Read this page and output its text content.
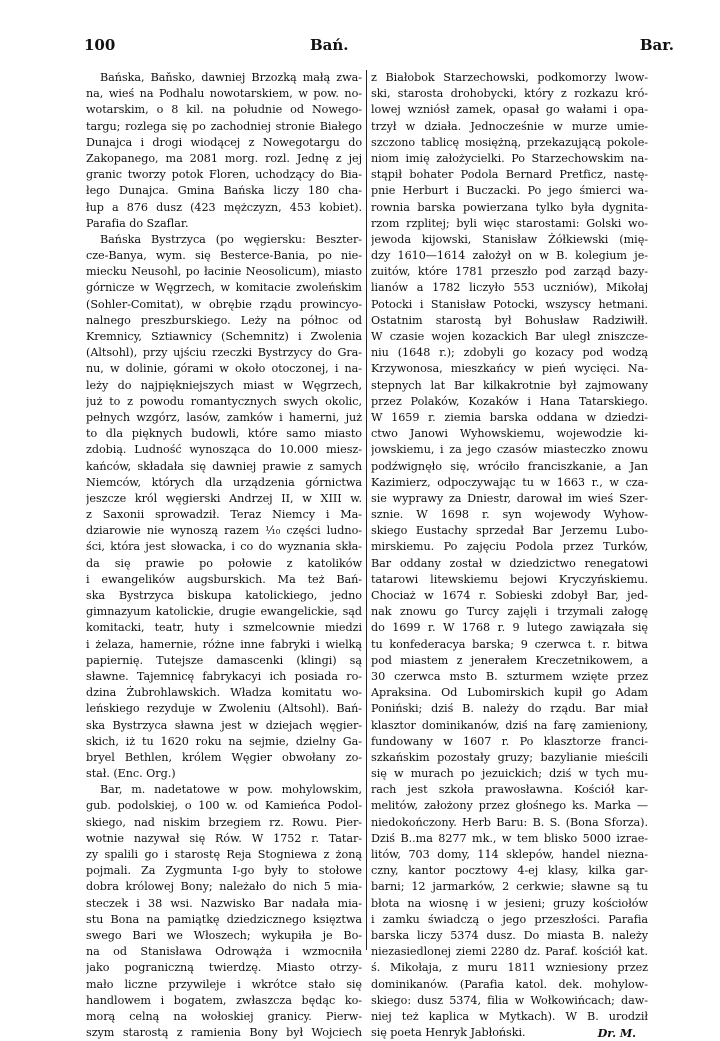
100	Bań.	Bar.
Bańska, Baňsko, dawniej Brzozką małą zwa-
na, wieś na Podhalu nowotarskiem, w pow. no-
wotarskim, o 8 kil. na południe od Nowego-
targu; rozlega się po zachodniej stronie Białego
Dunajca i drogi wiodącej z Nowegotargu do
Zakopanego, ma 2081 morg. rozl. Jednę z jej
granic tworzy potok Floren, uchodzący do Bia-
łego Dunajca. Gmina Bańska liczy 180 cha-
łup a 876 dusz (423 mężczyzn, 453 kobiet).
Parafia do Szaflar.
Bańska Bystrzyca (po węgiersku: Beszter-
cze-Banya, wym. się Besterce-Bania, po nie-
miecku Neusohl, po łacinie Neosolicum), miasto
górnicze w Węgrzech, w komitacie zwoleńskim
(Sohler-Comitat), w obrębie rządu prowincyo-
nalnego preszburskiego. Leży na północ od
Kremnicy, Sztiawnicy (Schemnitz) i Zwolenia
(Altsohl), przy ujściu rzeczki Bystrzycy do Gra-
nu, w dolinie, górami w około otoczonej, i na-
leży do najpiękniejszych miast w Węgrzech,
już to z powodu romantycznych swych okolic,
pełnych wzgórz, lasów, zamków i hamerni, już
to dla pięknych budowli, które samo miasto
zdobią. Ludność wynosząca do 10.000 miesz-
kańców, składała się dawniej prawie z samych
Niemców, których dla urządzenia górnictwa
jeszcze król węgierski Andrzej II, w XIII w.
z Saxonii sprowadził. Teraz Niemcy i Ma-
dziarowie nie wynoszą razem ¹⁄₁₀ części ludno-
ści, która jest słowacka, i co do wyznania skła-
da się prawie po połowie z katolików
i ewangelików augsburskich. Ma też Bań-
ska Bystrzyca biskupa katolickiego, jedno
gimnazyum katolickie, drugie ewangelickie, sąd
komitacki, teatr, huty i szmelcownie miedzi
i żelaza, hamernie, różne inne fabryki i wielką
papiernię. Tutejsze damascenki (klingi) są
sławne. Tajemnicę fabrykacyi ich posiada ro-
dzina Żubrohlawskich. Władza komitatu wo-
leńskiego rezyduje w Zwoleniu (Altsohl). Bań-
ska Bystrzyca sławna jest w dziejach węgier-
skich, iż tu 1620 roku na sejmie, dzielny Ga-
bryel Bethlen, królem Węgier obwołany zo-
stał. (Enc. Org.)
Bar, m. nadetatowe w pow. mohylowskim,
gub. podolskiej, o 100 w. od Kamieńca Podol-
skiego, nad niskim brzegiem rz. Rowu. Pier-
wotnie nazywał się Rów. W 1752 r. Tatar-
zy spalili go i starostę Reja Stogniewa z żoną
pojmali. Za Zygmunta I-go były to stołowe
dobra królowej Bony; należało do nich 5 mia-
steczek i 38 wsi. Nazwisko Bar nadała mia-
stu Bona na pamiątkę dziedzicznego księztwa
swego Bari we Włoszech; wykupiła je Bo-
na od Stanisława Odrowąża i wzmocniła
jako pograniczną twierdzę. Miasto otrzy-
mało liczne przywileje i wkrótce stało się
handlowem i bogatem, zwłaszcza będąc ko-
morą celną na wołoskiej granicy. Pierw-
szym starostą z ramienia Bony był Wojciech
z Białobok Starzechowski, podkomorzy lwow-
ski, starosta drohobycki, który z rozkazu kró-
lowej wzniósł zamek, opasał go wałami i opa-
trzył w działa. Jednocześnie w murze umie-
szczono tablicę mosiężną, przekazującą pokole-
niom imię założycielki. Po Starzechowskim na-
stąpił bohater Podola Bernard Pretficz, nastę-
pnie Herburt i Buczacki. Po jego śmierci wa-
rownia barska powierzana tylko była dygnita-
rzom rzplitej; byli więc starostami: Golski wo-
jewoda kijowski, Stanisław Żółkiewski (mię-
dzy 1610—1614 założył on w B. kolegium je-
zuitów, które 1781 przeszło pod zarząd bazy-
lianów a 1782 liczyło 553 uczniów), Mikołaj
Potocki i Stanisław Potocki, wszyscy hetmani.
Ostatnim starostą był Bohusław Radziwiłł.
W czasie wojen kozackich Bar uległ zniszcze-
niu (1648 r.); zdobyli go kozacy pod wodzą
Krzywonosa, mieszkańcy w pień wycięci. Na-
stepnych lat Bar kilkakrotnie był zajmowany
przez Polaków, Kozaków i Hana Tatarskiego.
W 1659 r. ziemia barska oddana w dziedzi-
ctwo Janowi Wyhowskiemu, wojewodzie ki-
jowskiemu, i za jego czasów miasteczko znowu
podźwignęło się, wróciło franciszkanie, a Jan
Kazimierz, odpoczywając tu w 1663 r., w cza-
sie wyprawy za Dniestr, darował im wieś Szer-
sznie. W 1698 r. syn wojewody Wyhow-
skiego Eustachy sprzedał Bar Jerzemu Lubo-
mirskiemu. Po zajęciu Podola przez Turków,
Bar oddany został w dziedzictwo renegatowi
tatarowi litewskiemu bejowi Kryczyńskiemu.
Chociaż w 1674 r. Sobieski zdobył Bar, jed-
nak znowu go Turcy zajęli i trzymali załogę
do 1699 r. W 1768 r. 9 lutego zawiązała się
tu konfederacya barska; 9 czerwca t. r. bitwa
pod miastem z jenerałem Kreczetnikowem, a
30 czerwca msto B. szturmem wzięte przez
Apraksina. Od Lubomirskich kupił go Adam
Poniński; dziś B. należy do rządu. Bar miał
klasztor dominikanów, dziś na farę zamieniony,
fundowany w 1607 r. Po klasztorze franci-
szkańskim pozostały gruzy; bazylianie mieścili
się w murach po jezuickich; dziś w tych mu-
rach jest szkoła prawosławna. Kościół kar-
melitów, założony przez głośnego ks. Marka —
niedokończony. Herb Baru: B. S. (Bona Sforza).
Dziś B..ma 8277 mk., w tem blisko 5000 izrae-
litów, 703 domy, 114 sklepów, handel niezna-
czny, kantor pocztowy 4-ej klasy, kilka gar-
barni; 12 jarmarków, 2 cerkwie; sławne są tu
błota na wiosnę i w jesieni; gruzy kościołów
i zamku świadczą o jego przeszłości. Parafia
barska liczy 5374 dusz. Do miasta B. należy
niezasiedlonej ziemi 2280 dz. Paraf. kościół kat.
ś. Mikołaja, z muru 1811 wzniesiony przez
dominikanów. (Parafia katol. dek. mohylow-
skiego: dusz 5374, filia w Wołkowińcach; daw-
niej też kaplica w Mytkach). W B. urodził
się poeta Henryk Jabłoński.	Dr. M.
